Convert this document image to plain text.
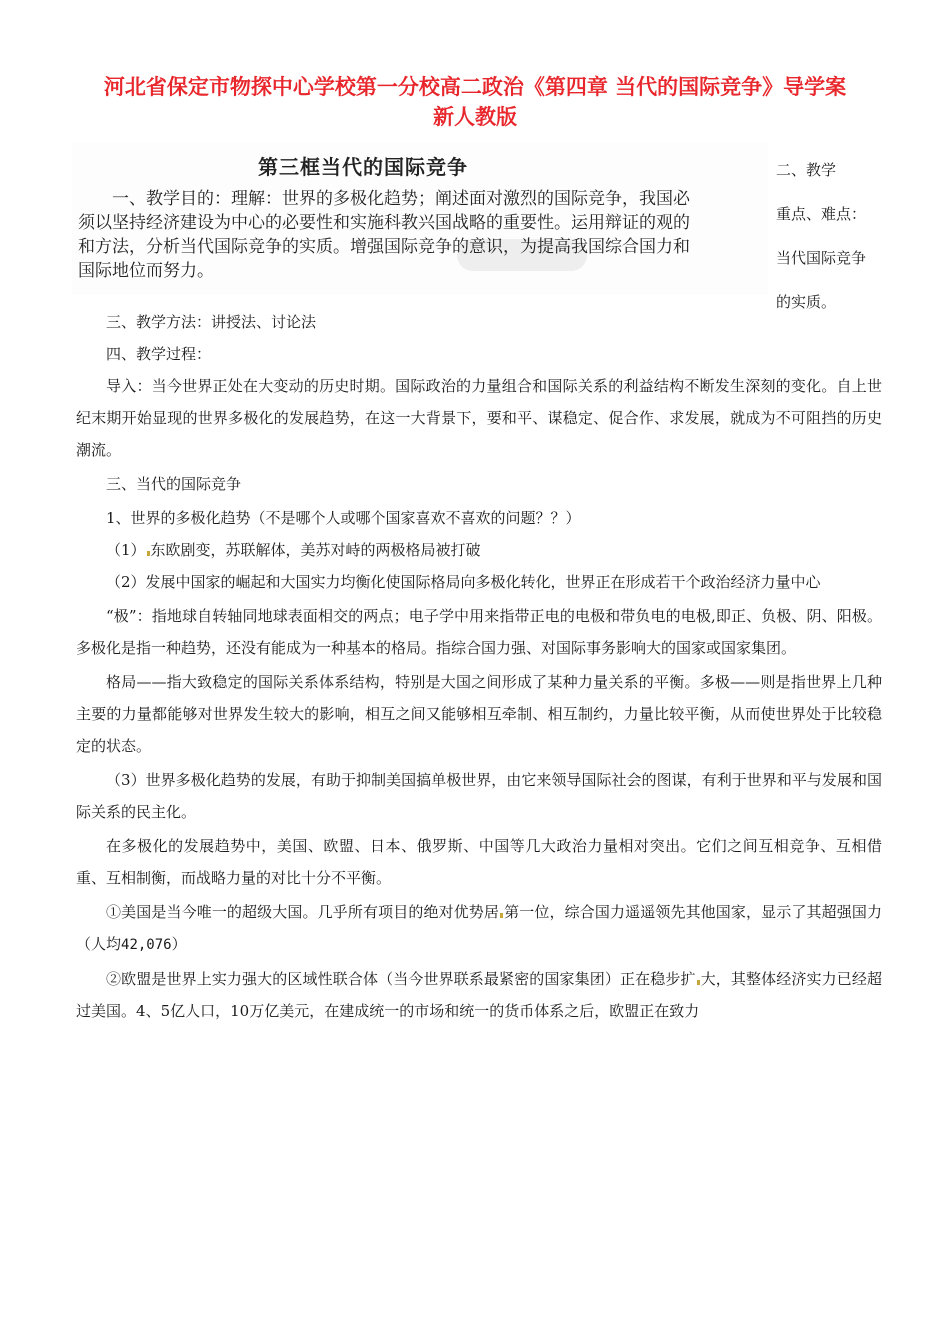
河北省保定市物探中心学校第一分校高二政治《第四章 当代的国际竞争》导学案
新人教版
第三框当代的国际竞争
一、教学目的：理解：世界的多极化趋势；阐述面对激烈的国际竞争，我国必
须以坚持经济建设为中心的必要性和实施科教兴国战略的重要性。运用辩证的观的
和方法，分析当代国际竞争的实质。增强国际竞争的意识，为提高我国综合国力和
国际地位而努力。
二、教学
重点、难点：
当代国际竞争
的实质。

三、教学方法：讲授法、讨论法

四、教学过程：

导入：当今世界正处在大变动的历史时期。国际政治的力量组合和国际关系的利益结构不断发生深刻的变化。自上世纪末期开始显现的世界多极化的发展趋势，在这一大背景下，要和平、谋稳定、促合作、求发展，就成为不可阻挡的历史潮流。

三、当代的国际竞争

1、世界的多极化趋势（不是哪个人或哪个国家喜欢不喜欢的问题？？）

（1） 东欧剧变，苏联解体，美苏对峙的两极格局被打破

（2）发展中国家的崛起和大国实力均衡化使国际格局向多极化转化，世界正在形成若干个政治经济力量中心

“极”：指地球自转轴同地球表面相交的两点；电子学中用来指带正电的电极和带负电的电极,即正、负极、阴、阳极。多极化是指一种趋势，还没有能成为一种基本的格局。指综合国力强、对国际事务影响大的国家或国家集团。

格局——指大致稳定的国际关系体系结构，特别是大国之间形成了某种力量关系的平衡。多极——则是指世界上几种主要的力量都能够对世界发生较大的影响，相互之间又能够相互牵制、相互制约，力量比较平衡，从而使世界处于比较稳定的状态。

（3）世界多极化趋势的发展，有助于抑制美国搞单极世界，由它来领导国际社会的图谋，有利于世界和平与发展和国际关系的民主化。

在多极化的发展趋势中，美国、欧盟、日本、俄罗斯、中国等几大政治力量相对突出。它们之间互相竞争、互相借重、互相制衡，而战略力量的对比十分不平衡。

①美国是当今唯一的超级大国。几乎所有项目的绝对优势居 第一位，综合国力遥遥领先其他国家，显示了其超强国力（人均42,076）

②欧盟是世界上实力强大的区域性联合体（当今世界联系最紧密的国家集团）正在稳步扩 大，其整体经济实力已经超过美国。4、5亿人口，10万亿美元，在建成统一的市场和统一的货币体系之后，欧盟正在致力
